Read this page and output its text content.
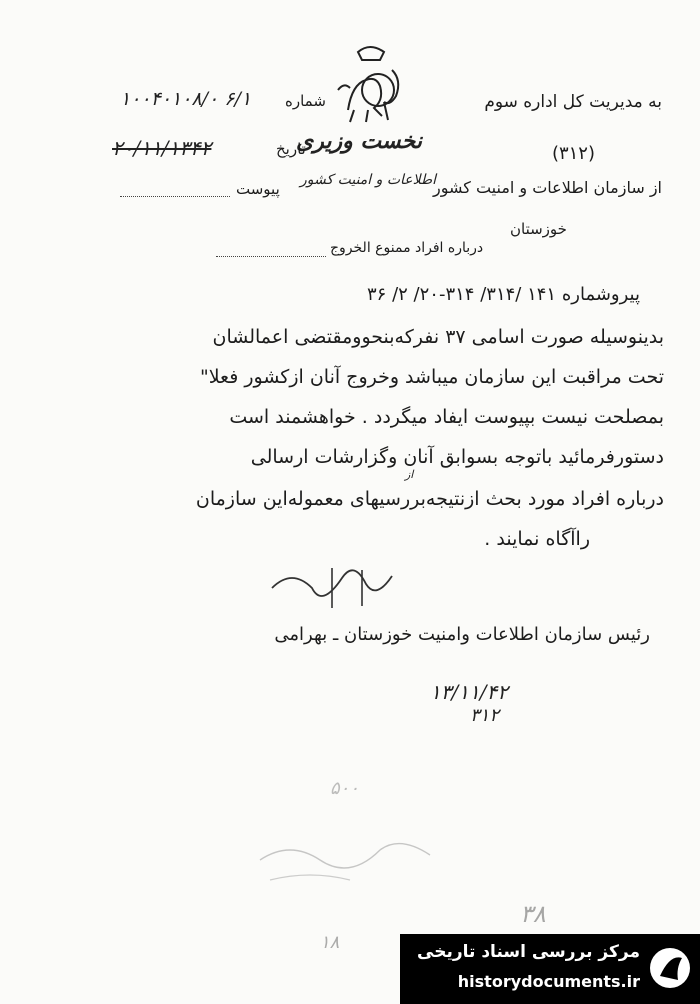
نخست وزیری
به مدیریت کل اداره سوم
شماره
۱۰۰۴۰۱۰۸/۰ ۶/۱
تاریخ
۲۰/۱۱/۱۳۴۲	(۳۱۲)
از سازمان اطلاعات و امنیت کشور
اطلاعات و امنیت کشور
پیوست
خوزستان
درباره افراد ممنوع الخروج
پیروشماره ۱۴۱ /۳۱۴/ ۳۱۴-۲۰/ ۲/ ۳۶
بدینوسیله صورت اسامی ۳۷ نفرکه‌بنحو‌ومقتضی اعمالشان
تحت مراقبت این سازمان میباشد وخروج آنان ازکشور فعلا"
بمصلحت نیست بپیوست ایفاد میگردد . خواهشمند است
دستورفرمائید باتوجه بسوابق آنان وگزارشات ارسالی
از
درباره افراد مورد بحث ازنتیجه‌بررسیهای معموله‌این سازمان
راآگاه نمایند .
رئیس سازمان اطلاعات وامنیت خوزستان ـ بهرامی
۱۳/۱۱/۴۲
۳۱۲
۵۰۰
۳۸
۱۸	مرکز بررسی اسناد تاریخی
historydocuments.ir
